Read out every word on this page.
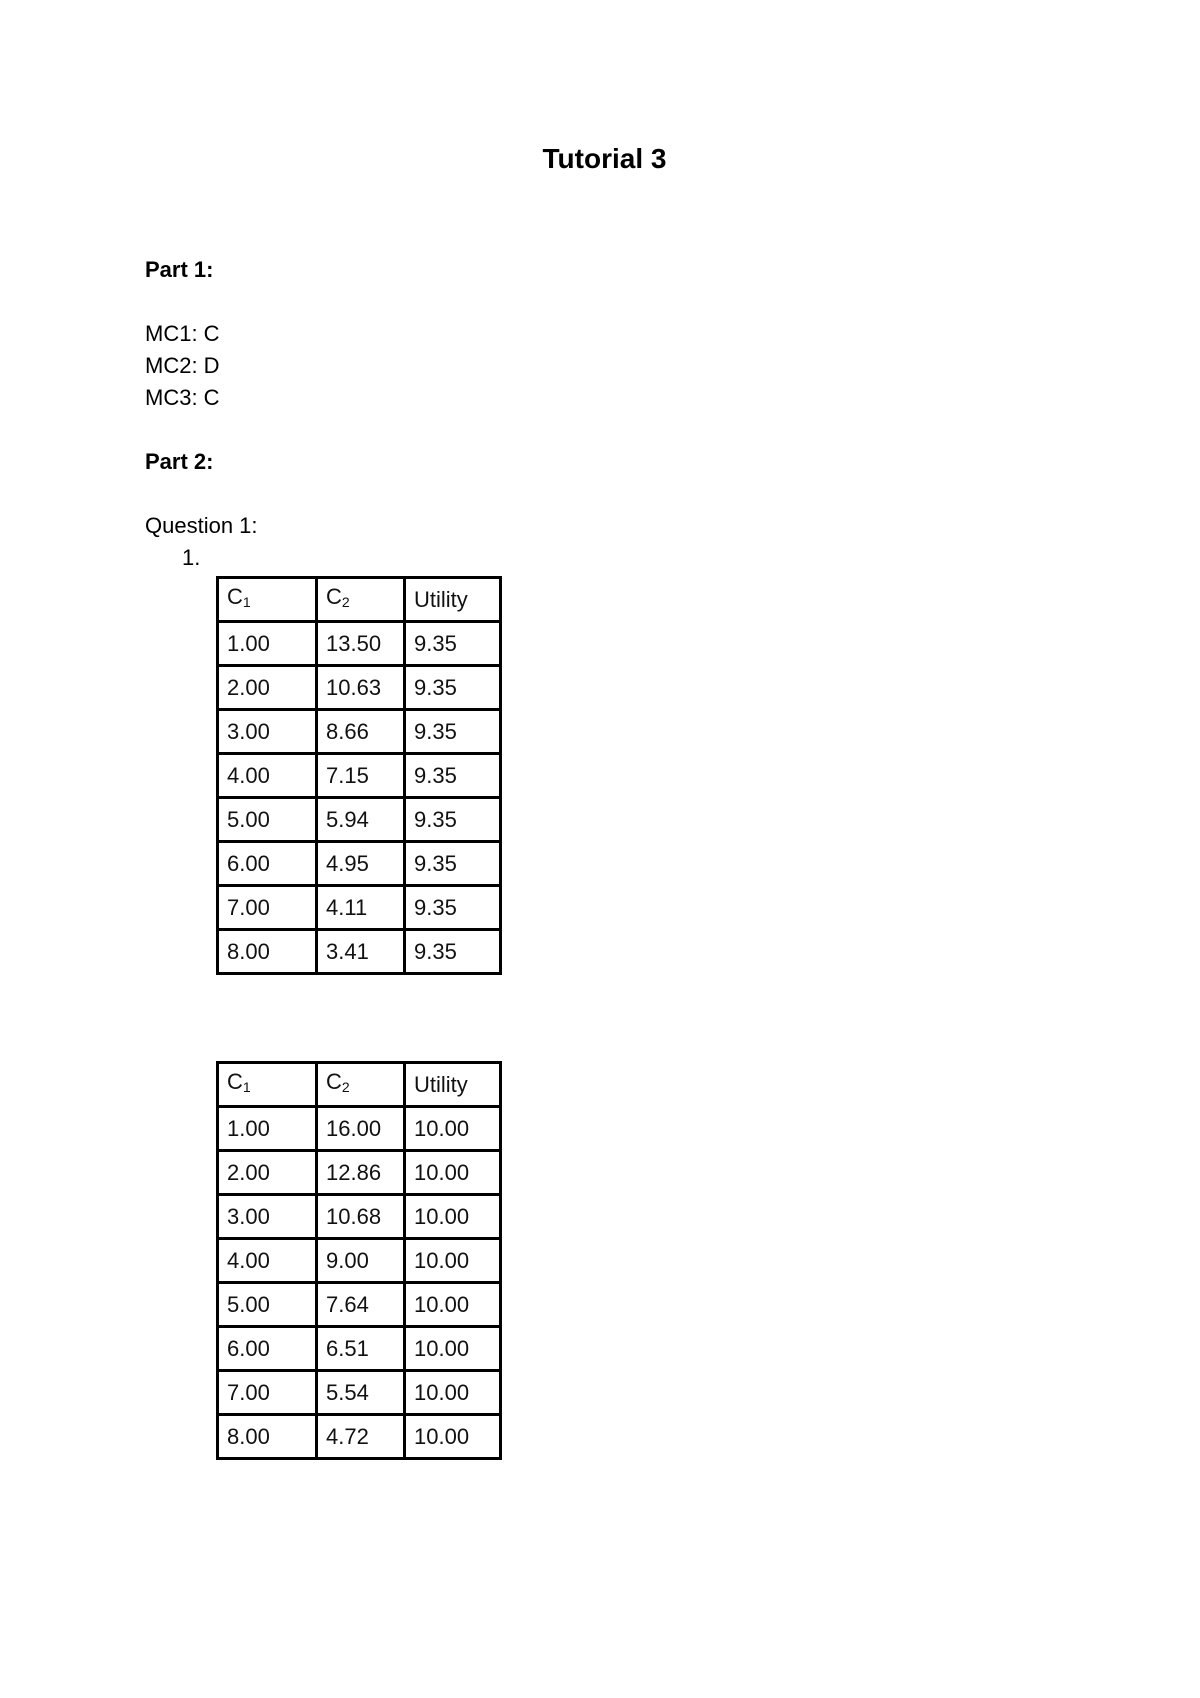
Tutorial 3
Part 1:
MC1: C
MC2: D
MC3: C
Part 2:
Question 1:
1.
$C_1$	$C_2$	Utility
1.00	13.50	9.35
2.00	10.63	9.35
3.00	8.66	9.35
4.00	7.15	9.35
5.00	5.94	9.35
6.00	4.95	9.35
7.00	4.11	9.35
8.00	3.41	9.35
$C_1$	$C_2$	Utility
1.00	16.00	10.00
2.00	12.86	10.00
3.00	10.68	10.00
4.00	9.00	10.00
5.00	7.64	10.00
6.00	6.51	10.00
7.00	5.54	10.00
8.00	4.72	10.00
